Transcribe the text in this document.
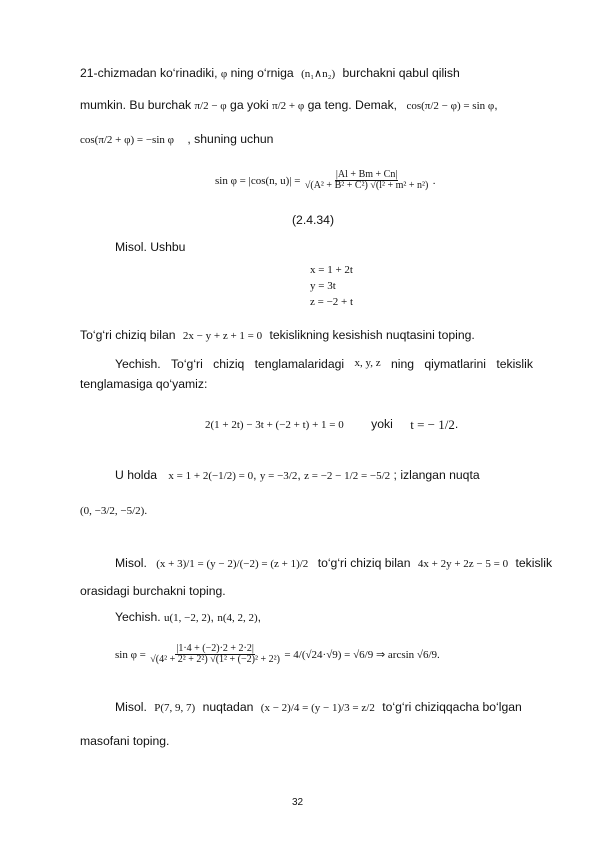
21-chizmadan ko‘rinadiki, φ ning o‘rniga (n₁∧n₂) burchakni qabul qilish
mumkin. Bu burchak π/2 − φ ga yoki π/2 + φ ga teng. Demak, cos(π/2 − φ) = sin φ,
cos(π/2 + φ) = −sin φ , shuning uchun
sin φ = |cos(n, $u)| = \frac{|Al + Bm + Cn|}{\text{√(A² + B² + C²) √(l² + m² + n²)}}$ .
(2.4.34)
Misol. Ushbu
x = 1 + 2t
y = 3t
z = −2 + t
To‘g‘ri chiziq bilan 2x − y + z + 1 = 0 tekislikning kesishish nuqtasini toping.
Yechish. To‘g‘ri chiziq tenglamalaridagi x, y, z ning qiymatlarini tekislik
tenglamasiga qo‘yamiz:
2(1 + 2t) − 3t + (−2 + t) + 1 = 0 yoki t = − 1/2.
U holda x = 1 + 2(−1/2) = 0, y = −3/2, z = −2 − 1/2 = −5/2 ; izlangan nuqta
(0, −3/2, −5/2).
Misol. (x + 3)/1 = (y − 2)/(−2) = (z + 1)/2 to‘g‘ri chiziq bilan 4x + 2y + 2z − 5 = 0 tekislik
orasidagi burchakni toping.
Yechish. u(1, −2, 2), n(4, 2, 2),
$\sin \varphi = \frac{|1\cdot 4 + (-2)\cdot 2 + 2\cdot 2|}{\text{√(4² + 2² + 2²) √(1² + (−2)² + 2²)}} = 4/(√24\cdot√9) = √6/9$ ⇒ arcsin √6/9.
Misol. P(7, 9, 7) nuqtadan (x − 2)/4 = (y − 1)/3 = z/2 to‘g‘ri chiziqqacha bo‘lgan
masofani toping.
32
